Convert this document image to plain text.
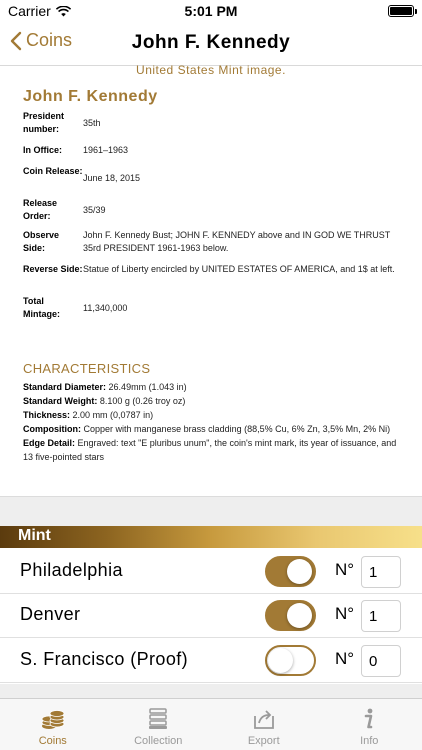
Carrier	5:01 PM
Coins	John F. Kennedy
United States Mint image.
John F. Kennedy
President number:
35th
In Office:	1961–1963
Coin Release:
June 18, 2015
Release Order:
35/39
Observe Side:
John F. Kennedy Bust; JOHN F. KENNEDY above and IN GOD WE THRUST 35rd PRESIDENT 1961-1963 below.
Reverse Side: Statue of Liberty encircled by UNITED ESTATES OF AMERICA, and 1$ at left.
Total Mintage:
11,340,000
CHARACTERISTICS
Standard Diameter: 26.49mm (1.043 in)
Standard Weight: 8.100 g (0.26 troy oz)
Thickness: 2.00 mm (0,0787 in)
Composition: Copper with manganese brass cladding (88,5% Cu, 6% Zn, 3,5% Mn, 2% Ni)
Edge Detail: Engraved: text "E pluribus unum", the coin's mint mark, its year of issuance, and 13 five-pointed stars
Mint
Philadelphia	N° 1
Denver	N° 1
S. Francisco (Proof)	N° 0
Coins	Collection	Export	Info
